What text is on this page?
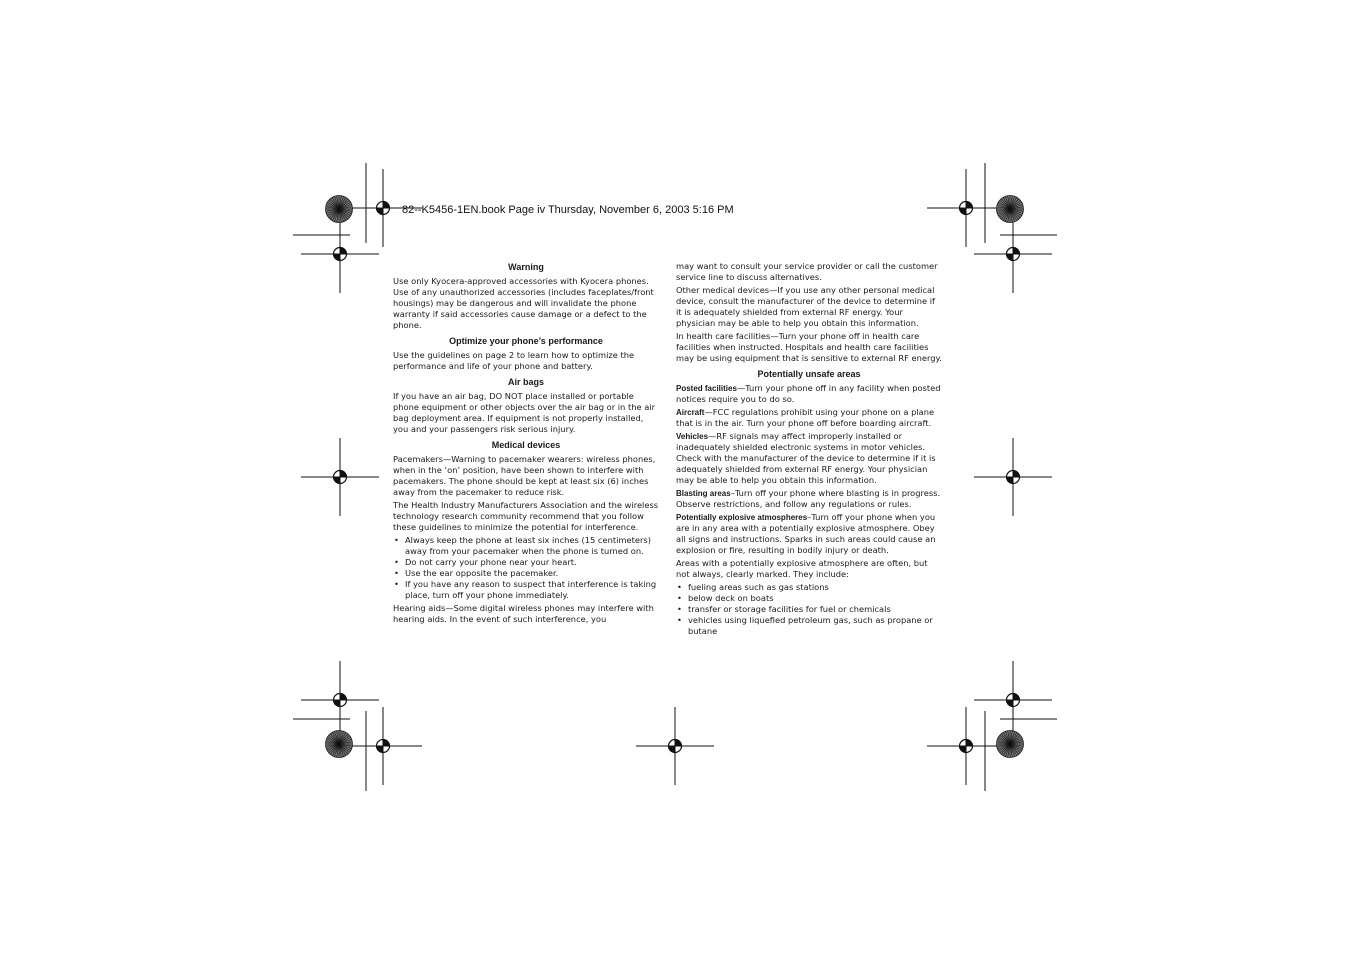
82--K5456-1EN.book Page iv Thursday, November 6, 2003 5:16 PM
Warning

Use only Kyocera-approved accessories with Kyocera phones. Use of any unauthorized accessories (includes faceplates/front housings) may be dangerous and will invalidate the phone warranty if said accessories cause damage or a defect to the phone.

Optimize your phone’s performance

Use the guidelines on page 2 to learn how to optimize the performance and life of your phone and battery.

Air bags

If you have an air bag, DO NOT place installed or portable phone equipment or other objects over the air bag or in the air bag deployment area. If equipment is not properly installed, you and your passengers risk serious injury.

Medical devices

Pacemakers—Warning to pacemaker wearers: wireless phones, when in the ‘on’ position, have been shown to interfere with pacemakers. The phone should be kept at least six (6) inches away from the pacemaker to reduce risk.

The Health Industry Manufacturers Association and the wireless technology research community recommend that you follow these guidelines to minimize the potential for interference.

• Always keep the phone at least six inches (15 centimeters) away from your pacemaker when the phone is turned on.
• Do not carry your phone near your heart.
• Use the ear opposite the pacemaker.
• If you have any reason to suspect that interference is taking place, turn off your phone immediately.

Hearing aids—Some digital wireless phones may interfere with hearing aids. In the event of such interference, you

may want to consult your service provider or call the customer service line to discuss alternatives.

Other medical devices—If you use any other personal medical device, consult the manufacturer of the device to determine if it is adequately shielded from external RF energy. Your physician may be able to help you obtain this information.

In health care facilities—Turn your phone off in health care facilities when instructed. Hospitals and health care facilities may be using equipment that is sensitive to external RF energy.

Potentially unsafe areas

Posted facilities—Turn your phone off in any facility when posted notices require you to do so.

Aircraft—FCC regulations prohibit using your phone on a plane that is in the air. Turn your phone off before boarding aircraft.

Vehicles—RF signals may affect improperly installed or inadequately shielded electronic systems in motor vehicles. Check with the manufacturer of the device to determine if it is adequately shielded from external RF energy. Your physician may be able to help you obtain this information.

Blasting areas–Turn off your phone where blasting is in progress. Observe restrictions, and follow any regulations or rules.

Potentially explosive atmospheres–Turn off your phone when you are in any area with a potentially explosive atmosphere. Obey all signs and instructions. Sparks in such areas could cause an explosion or fire, resulting in bodily injury or death.

Areas with a potentially explosive atmosphere are often, but not always, clearly marked. They include:

• fueling areas such as gas stations
• below deck on boats
• transfer or storage facilities for fuel or chemicals
• vehicles using liquefied petroleum gas, such as propane or butane
